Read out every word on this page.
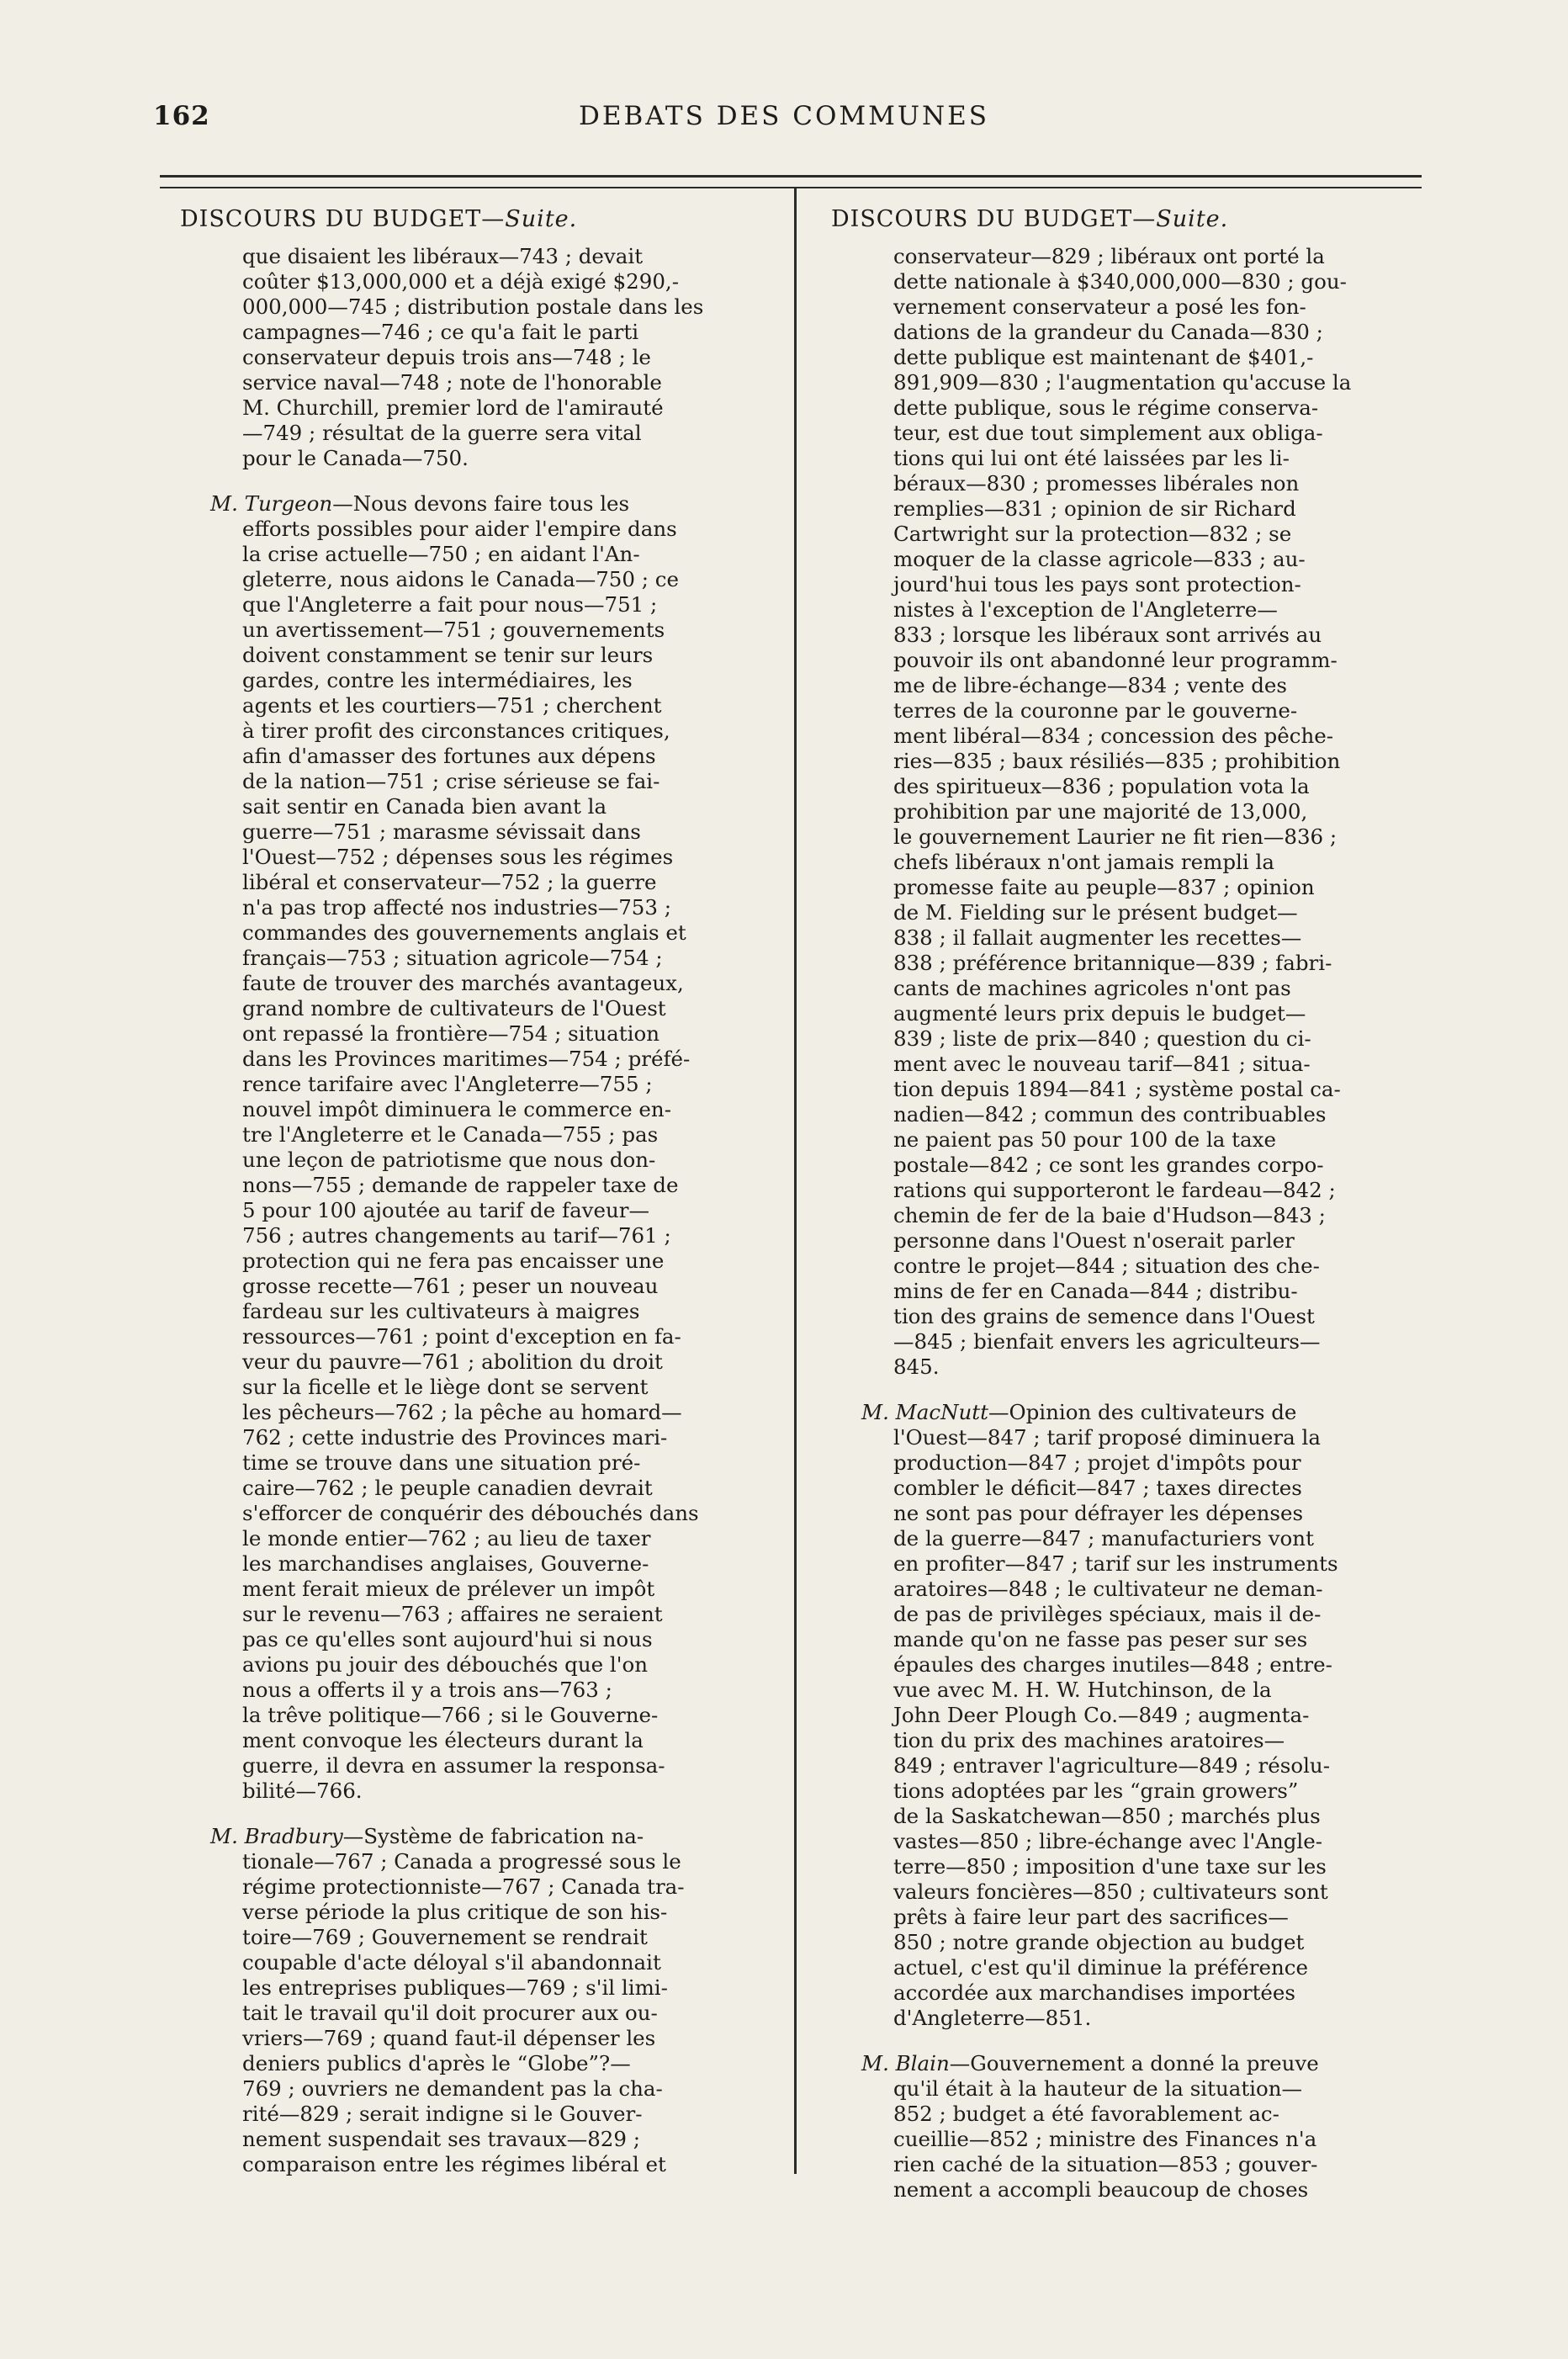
162	DEBATS DES COMMUNES
DISCOURS DU BUDGET—Suite.
que disaient les libéraux—743 ; devait
coûter $13,000,000 et a déjà exigé $290,-
000,000—745 ; distribution postale dans les
campagnes—746 ; ce qu'a fait le parti
conservateur depuis trois ans—748 ; le
service naval—748 ; note de l'honorable
M. Churchill, premier lord de l'amirauté
—749 ; résultat de la guerre sera vital
pour le Canada—750.
M. Turgeon—Nous devons faire tous les
efforts possibles pour aider l'empire dans
la crise actuelle—750 ; en aidant l'An-
gleterre, nous aidons le Canada—750 ; ce
que l'Angleterre a fait pour nous—751 ;
un avertissement—751 ; gouvernements
doivent constamment se tenir sur leurs
gardes, contre les intermédiaires, les
agents et les courtiers—751 ; cherchent
à tirer profit des circonstances critiques,
afin d'amasser des fortunes aux dépens
de la nation—751 ; crise sérieuse se fai-
sait sentir en Canada bien avant la
guerre—751 ; marasme sévissait dans
l'Ouest—752 ; dépenses sous les régimes
libéral et conservateur—752 ; la guerre
n'a pas trop affecté nos industries—753 ;
commandes des gouvernements anglais et
français—753 ; situation agricole—754 ;
faute de trouver des marchés avantageux,
grand nombre de cultivateurs de l'Ouest
ont repassé la frontière—754 ; situation
dans les Provinces maritimes—754 ; préfé-
rence tarifaire avec l'Angleterre—755 ;
nouvel impôt diminuera le commerce en-
tre l'Angleterre et le Canada—755 ; pas
une leçon de patriotisme que nous don-
nons—755 ; demande de rappeler taxe de
5 pour 100 ajoutée au tarif de faveur—
756 ; autres changements au tarif—761 ;
protection qui ne fera pas encaisser une
grosse recette—761 ; peser un nouveau
fardeau sur les cultivateurs à maigres
ressources—761 ; point d'exception en fa-
veur du pauvre—761 ; abolition du droit
sur la ficelle et le liège dont se servent
les pêcheurs—762 ; la pêche au homard—
762 ; cette industrie des Provinces mari-
time se trouve dans une situation pré-
caire—762 ; le peuple canadien devrait
s'efforcer de conquérir des débouchés dans
le monde entier—762 ; au lieu de taxer
les marchandises anglaises, Gouverne-
ment ferait mieux de prélever un impôt
sur le revenu—763 ; affaires ne seraient
pas ce qu'elles sont aujourd'hui si nous
avions pu jouir des débouchés que l'on
nous a offerts il y a trois ans—763 ;
la trêve politique—766 ; si le Gouverne-
ment convoque les électeurs durant la
guerre, il devra en assumer la responsa-
bilité—766.
M. Bradbury—Système de fabrication na-
tionale—767 ; Canada a progressé sous le
régime protectionniste—767 ; Canada tra-
verse période la plus critique de son his-
toire—769 ; Gouvernement se rendrait
coupable d'acte déloyal s'il abandonnait
les entreprises publiques—769 ; s'il limi-
tait le travail qu'il doit procurer aux ou-
vriers—769 ; quand faut-il dépenser les
deniers publics d'après le “Globe”?—
769 ; ouvriers ne demandent pas la cha-
rité—829 ; serait indigne si le Gouver-
nement suspendait ses travaux—829 ;
comparaison entre les régimes libéral et
DISCOURS DU BUDGET—Suite.
conservateur—829 ; libéraux ont porté la
dette nationale à $340,000,000—830 ; gou-
vernement conservateur a posé les fon-
dations de la grandeur du Canada—830 ;
dette publique est maintenant de $401,-
891,909—830 ; l'augmentation qu'accuse la
dette publique, sous le régime conserva-
teur, est due tout simplement aux obliga-
tions qui lui ont été laissées par les li-
béraux—830 ; promesses libérales non
remplies—831 ; opinion de sir Richard
Cartwright sur la protection—832 ; se
moquer de la classe agricole—833 ; au-
jourd'hui tous les pays sont protection-
nistes à l'exception de l'Angleterre—
833 ; lorsque les libéraux sont arrivés au
pouvoir ils ont abandonné leur programm-
me de libre-échange—834 ; vente des
terres de la couronne par le gouverne-
ment libéral—834 ; concession des pêche-
ries—835 ; baux résiliés—835 ; prohibition
des spiritueux—836 ; population vota la
prohibition par une majorité de 13,000,
le gouvernement Laurier ne fit rien—836 ;
chefs libéraux n'ont jamais rempli la
promesse faite au peuple—837 ; opinion
de M. Fielding sur le présent budget—
838 ; il fallait augmenter les recettes—
838 ; préférence britannique—839 ; fabri-
cants de machines agricoles n'ont pas
augmenté leurs prix depuis le budget—
839 ; liste de prix—840 ; question du ci-
ment avec le nouveau tarif—841 ; situa-
tion depuis 1894—841 ; système postal ca-
nadien—842 ; commun des contribuables
ne paient pas 50 pour 100 de la taxe
postale—842 ; ce sont les grandes corpo-
rations qui supporteront le fardeau—842 ;
chemin de fer de la baie d'Hudson—843 ;
personne dans l'Ouest n'oserait parler
contre le projet—844 ; situation des che-
mins de fer en Canada—844 ; distribu-
tion des grains de semence dans l'Ouest
—845 ; bienfait envers les agriculteurs—
845.
M. MacNutt—Opinion des cultivateurs de
l'Ouest—847 ; tarif proposé diminuera la
production—847 ; projet d'impôts pour
combler le déficit—847 ; taxes directes
ne sont pas pour défrayer les dépenses
de la guerre—847 ; manufacturiers vont
en profiter—847 ; tarif sur les instruments
aratoires—848 ; le cultivateur ne deman-
de pas de privilèges spéciaux, mais il de-
mande qu'on ne fasse pas peser sur ses
épaules des charges inutiles—848 ; entre-
vue avec M. H. W. Hutchinson, de la
John Deer Plough Co.—849 ; augmenta-
tion du prix des machines aratoires—
849 ; entraver l'agriculture—849 ; résolu-
tions adoptées par les “grain growers”
de la Saskatchewan—850 ; marchés plus
vastes—850 ; libre-échange avec l'Angle-
terre—850 ; imposition d'une taxe sur les
valeurs foncières—850 ; cultivateurs sont
prêts à faire leur part des sacrifices—
850 ; notre grande objection au budget
actuel, c'est qu'il diminue la préférence
accordée aux marchandises importées
d'Angleterre—851.
M. Blain—Gouvernement a donné la preuve
qu'il était à la hauteur de la situation—
852 ; budget a été favorablement ac-
cueillie—852 ; ministre des Finances n'a
rien caché de la situation—853 ; gouver-
nement a accompli beaucoup de choses
